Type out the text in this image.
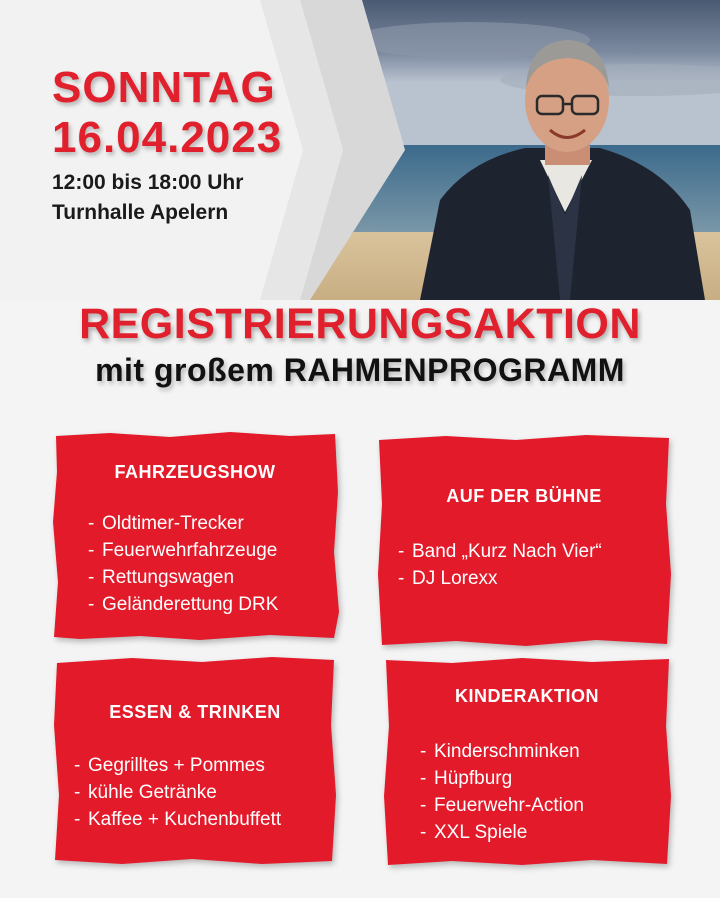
SONNTAG
16.04.2023
12:00 bis 18:00 Uhr
Turnhalle Apelern
REGISTRIERUNGSAKTION
mit großem RAHMENPROGRAMM
FAHRZEUGSHOW
- Oldtimer-Trecker
- Feuerwehrfahrzeuge
- Rettungswagen
- Geländerettung DRK
AUF DER BÜHNE
- Band „Kurz Nach Vier“
- DJ Lorexx
ESSEN & TRINKEN
- Gegrilltes + Pommes
- kühle Getränke
- Kaffee + Kuchenbuffett
KINDERAKTION
- Kinderschminken
- Hüpfburg
- Feuerwehr-Action
- XXL Spiele
